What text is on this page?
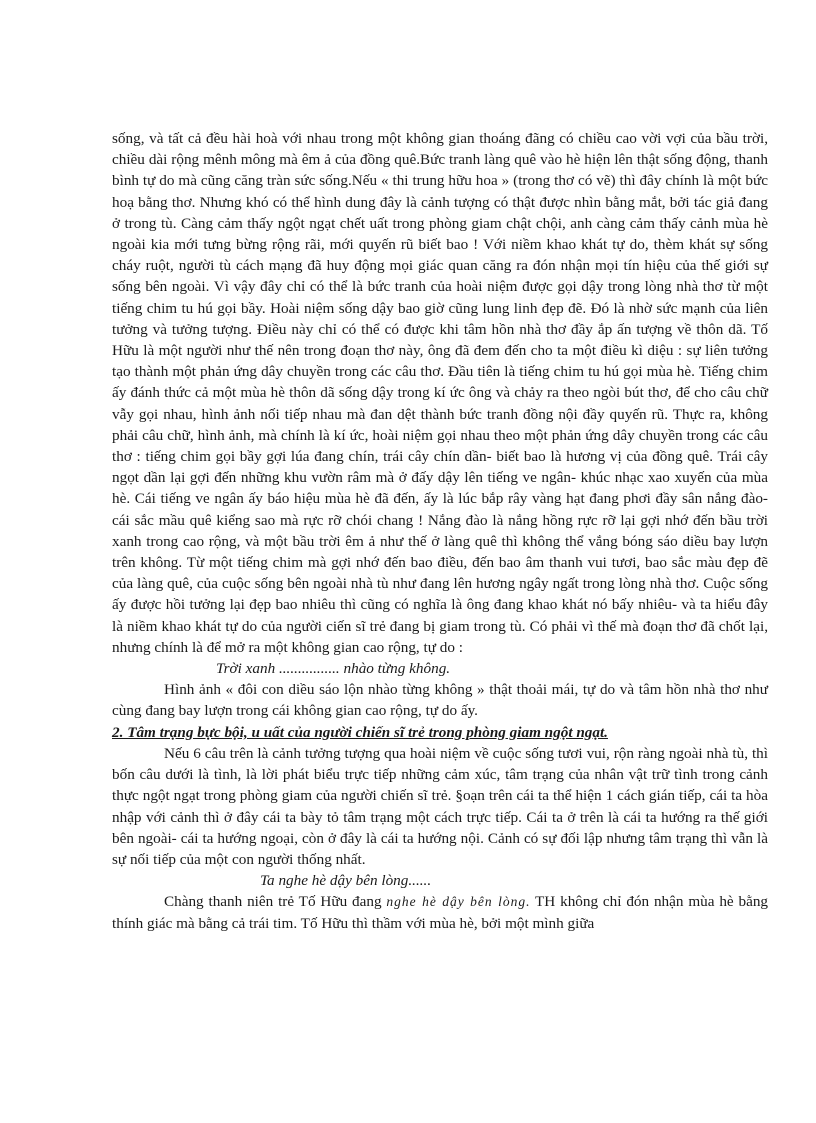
sống, và tất cả đều hài hoà với nhau trong một không gian thoáng đãng có chiều cao vời vợi của bầu trời, chiều dài rộng mênh mông mà êm ả của đồng quê.Bức tranh làng quê vào hè hiện lên thật sống động, thanh bình tự do mà cũng căng tràn sức sống.Nếu « thi trung hữu hoa » (trong thơ có vẽ) thì đây chính là một bức hoạ bằng thơ. Nhưng khó có thể hình dung đây là cảnh tượng có thật được nhìn bằng mắt, bởi tác giả đang ở trong tù. Càng cảm thấy ngột ngạt chết uất trong phòng giam chật chội, anh càng cảm thấy cảnh mùa hè ngoài kia mới tưng bừng rộng rãi, mới quyến rũ biết bao ! Với niềm khao khát tự do, thèm khát sự sống cháy ruột, người tù cách mạng đã huy động mọi giác quan căng ra đón nhận mọi tín hiệu của thế giới sự sống bên ngoài. Vì vậy đây chỉ có thể là bức tranh của hoài niệm được gọi dậy trong lòng nhà thơ từ một tiếng chim tu hú gọi bầy. Hoài niệm sống dậy bao giờ cũng lung linh đẹp đẽ. Đó là nhờ sức mạnh của liên tưởng và tưởng tượng. Điều này chỉ có thể có được khi tâm hồn nhà thơ đầy ắp ấn tượng về thôn dã. Tố Hữu là một người như thế nên trong đoạn thơ này, ông đã đem đến cho ta một điều kì diệu : sự liên tưởng tạo thành một phản ứng dây chuyền trong các câu thơ. Đầu tiên là tiếng chim tu hú gọi mùa hè. Tiếng chim ấy đánh thức cả một mùa hè thôn dã sống dậy trong kí ức ông và chảy ra theo ngòi bút thơ, để cho câu chữ vẫy gọi nhau, hình ảnh nối tiếp nhau mà đan dệt thành bức tranh đồng nội đầy quyến rũ. Thực ra, không phải câu chữ, hình ảnh, mà chính là kí ức, hoài niệm gọi nhau theo một phản ứng dây chuyền trong các câu thơ : tiếng chim gọi bầy gợi lúa đang chín, trái cây chín dần- biết bao là hương vị của đồng quê. Trái cây ngọt dần lại gợi đến những khu vườn râm mà ở đấy dậy lên tiếng ve ngân- khúc nhạc xao xuyến của mùa hè. Cái tiếng ve ngân ấy báo hiệu mùa hè đã đến, ấy là lúc bắp rây vàng hạt đang phơi đầy sân nắng đào- cái sắc mầu quê kiểng sao mà rực rỡ chói chang ! Nắng đào là nắng hồng rực rỡ lại gợi nhớ đến bầu trời xanh trong cao rộng, và một bầu trời êm ả như thế ở làng quê thì không thể vắng bóng sáo diều bay lượn trên không. Từ một tiếng chim mà gợi nhớ đến bao điều, đến bao âm thanh vui tươi, bao sắc màu đẹp đẽ của làng quê, của cuộc sống bên ngoài nhà tù như đang lên hương ngây ngất trong lòng nhà thơ. Cuộc sống ấy được hồi tưởng lại đẹp bao nhiêu thì cũng có nghĩa là ông đang khao khát nó bấy nhiêu- và ta hiểu đây là niềm khao khát tự do của người ciến sĩ trẻ đang bị giam trong tù. Có phải vì thế mà đoạn thơ đã chốt lại, nhưng chính là để mở ra một không gian cao rộng, tự do :

Trời xanh ................ nhào từng không.

Hình ảnh « đôi con diều sáo lộn nhào từng không » thật thoải mái, tự do và tâm hồn nhà thơ như cùng đang bay lượn trong cái không gian cao rộng, tự do ấy.

2. Tâm trạng bực bội, u uất của người chiến sĩ trẻ trong phòng giam ngột ngạt.

Nếu 6 câu trên là cảnh tưởng tượng qua hoài niệm về cuộc sống tươi vui, rộn ràng ngoài nhà tù, thì bốn câu dưới là tình, là lời phát biểu trực tiếp những cảm xúc, tâm trạng của nhân vật trữ tình trong cảnh thực ngột ngạt trong phòng giam của người chiến sĩ trẻ. §oạn trên cái ta thể hiện 1 cách gián tiếp, cái ta hòa nhập với cảnh thì ở đây cái ta bày tỏ tâm trạng một cách trực tiếp. Cái ta ở trên là cái ta hướng ra thế giới bên ngoài- cái ta hướng ngoại, còn ở đây là cái ta hướng nội. Cảnh có sự đối lập nhưng tâm trạng thì vẫn là sự nối tiếp của một con người thống nhất.

Ta nghe hè dậy bên lòng......

Chàng thanh niên trẻ Tố Hữu đang nghe hè dậy bên lòng. TH không chỉ đón nhận mùa hè bằng thính giác mà bằng cả trái tim. Tố Hữu thì thầm với mùa hè, bởi một mình giữa
